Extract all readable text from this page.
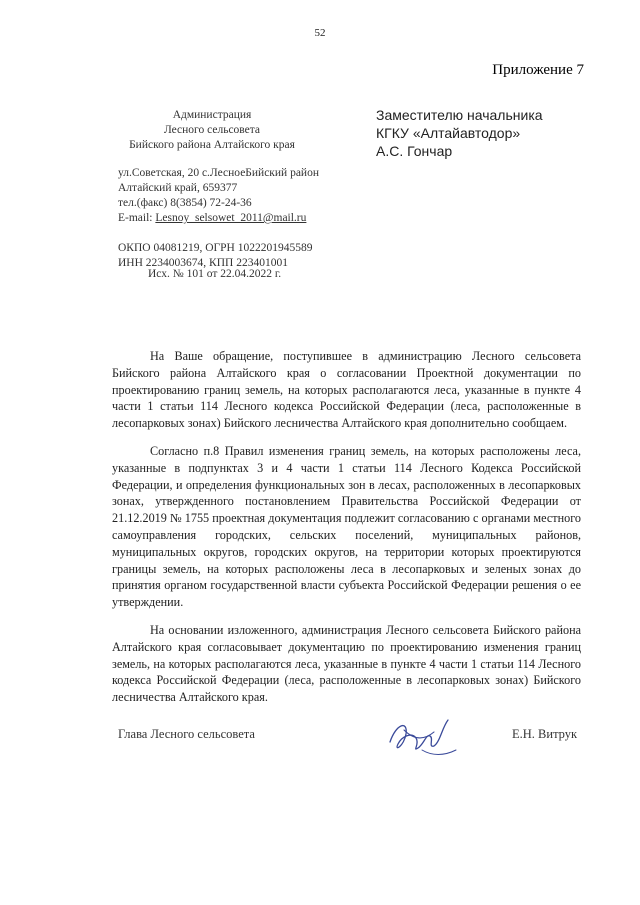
52
Приложение 7
Администрация
Лесного сельсовета
Бийского района Алтайского края
ул.Советская, 20 с.ЛесноеБийский район
Алтайский край, 659377
тел.(факс) 8(3854) 72-24-36
E-mail: Lesnoy_selsowet_2011@mail.ru
ОКПО 04081219, ОГРН 1022201945589
ИНН 2234003674, КПП 223401001
Исх. № 101 от 22.04.2022 г.
Заместителю начальника
КГКУ «Алтайавтодор»
А.С. Гончар

На Ваше обращение, поступившее в администрацию Лесного сельсовета Бийского района Алтайского края о согласовании Проектной документации по проектированию границ земель, на которых располагаются леса, указанные в пункте 4 части 1 статьи 114 Лесного кодекса Российской Федерации (леса, расположенные в лесопарковых зонах) Бийского лесничества Алтайского края дополнительно сообщаем.

Согласно п.8 Правил изменения границ земель, на которых расположены леса, указанные в подпунктах 3 и 4 части 1 статьи 114 Лесного Кодекса Российской Федерации, и определения функциональных зон в лесах, расположенных в лесопарковых зонах, утвержденного постановлением Правительства Российской Федерации от 21.12.2019 № 1755 проектная документация подлежит согласованию с органами местного самоуправления городских, сельских поселений, муниципальных районов, муниципальных округов, городских округов, на территории которых проектируются границы земель, на которых расположены леса в лесопарковых и зеленых зонах до принятия органом государственной власти субъекта Российской Федерации решения о ее утверждении.

На основании изложенного, администрация Лесного сельсовета Бийского района Алтайского края согласовывает документацию по проектированию изменения границ земель, на которых располагаются леса, указанные в пункте 4 части 1 статьи 114 Лесного кодекса Российской Федерации (леса, расположенные в лесопарковых зонах) Бийского лесничества Алтайского края.

Глава Лесного сельсовета	Е.Н. Витрук
